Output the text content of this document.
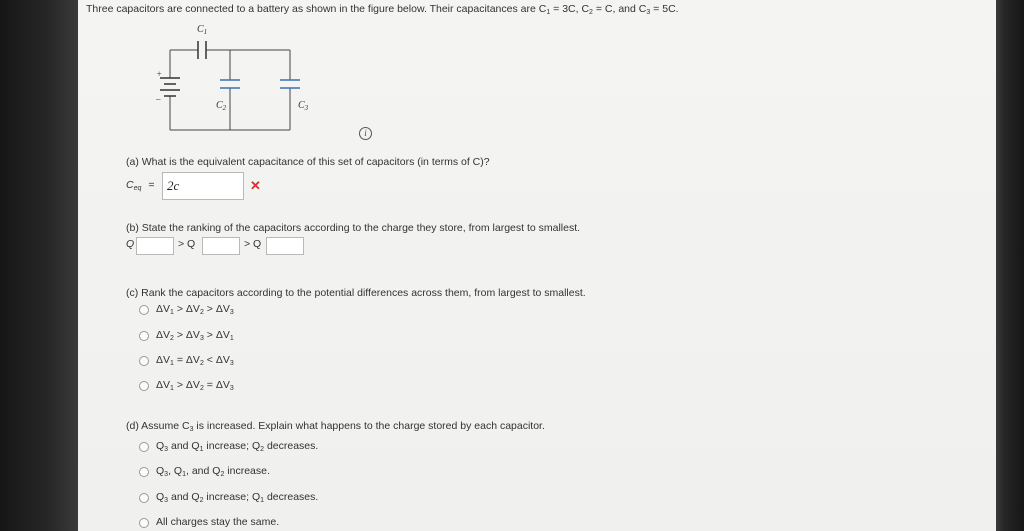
Three capacitors are connected to a battery as shown in the figure below. Their capacitances are C1 = 3C, C2 = C, and C3 = 5C.
$C_1$
$C_2$	$C_3$
+
–
i
(a) What is the equivalent capacitance of this set of capacitors (in terms of C)?
Ceq = 2c	✕
(b) State the ranking of the capacitors according to the charge they store, from largest to smallest.
Q	> Q	> Q
(c) Rank the capacitors according to the potential differences across them, from largest to smallest.
ΔV1 > ΔV2 > ΔV3
ΔV2 > ΔV3 > ΔV1
ΔV1 = ΔV2 < ΔV3
ΔV1 > ΔV2 = ΔV3
(d) Assume C3 is increased. Explain what happens to the charge stored by each capacitor.
Q3 and Q1 increase; Q2 decreases.
Q3, Q1, and Q2 increase.
Q3 and Q2 increase; Q1 decreases.
All charges stay the same.
